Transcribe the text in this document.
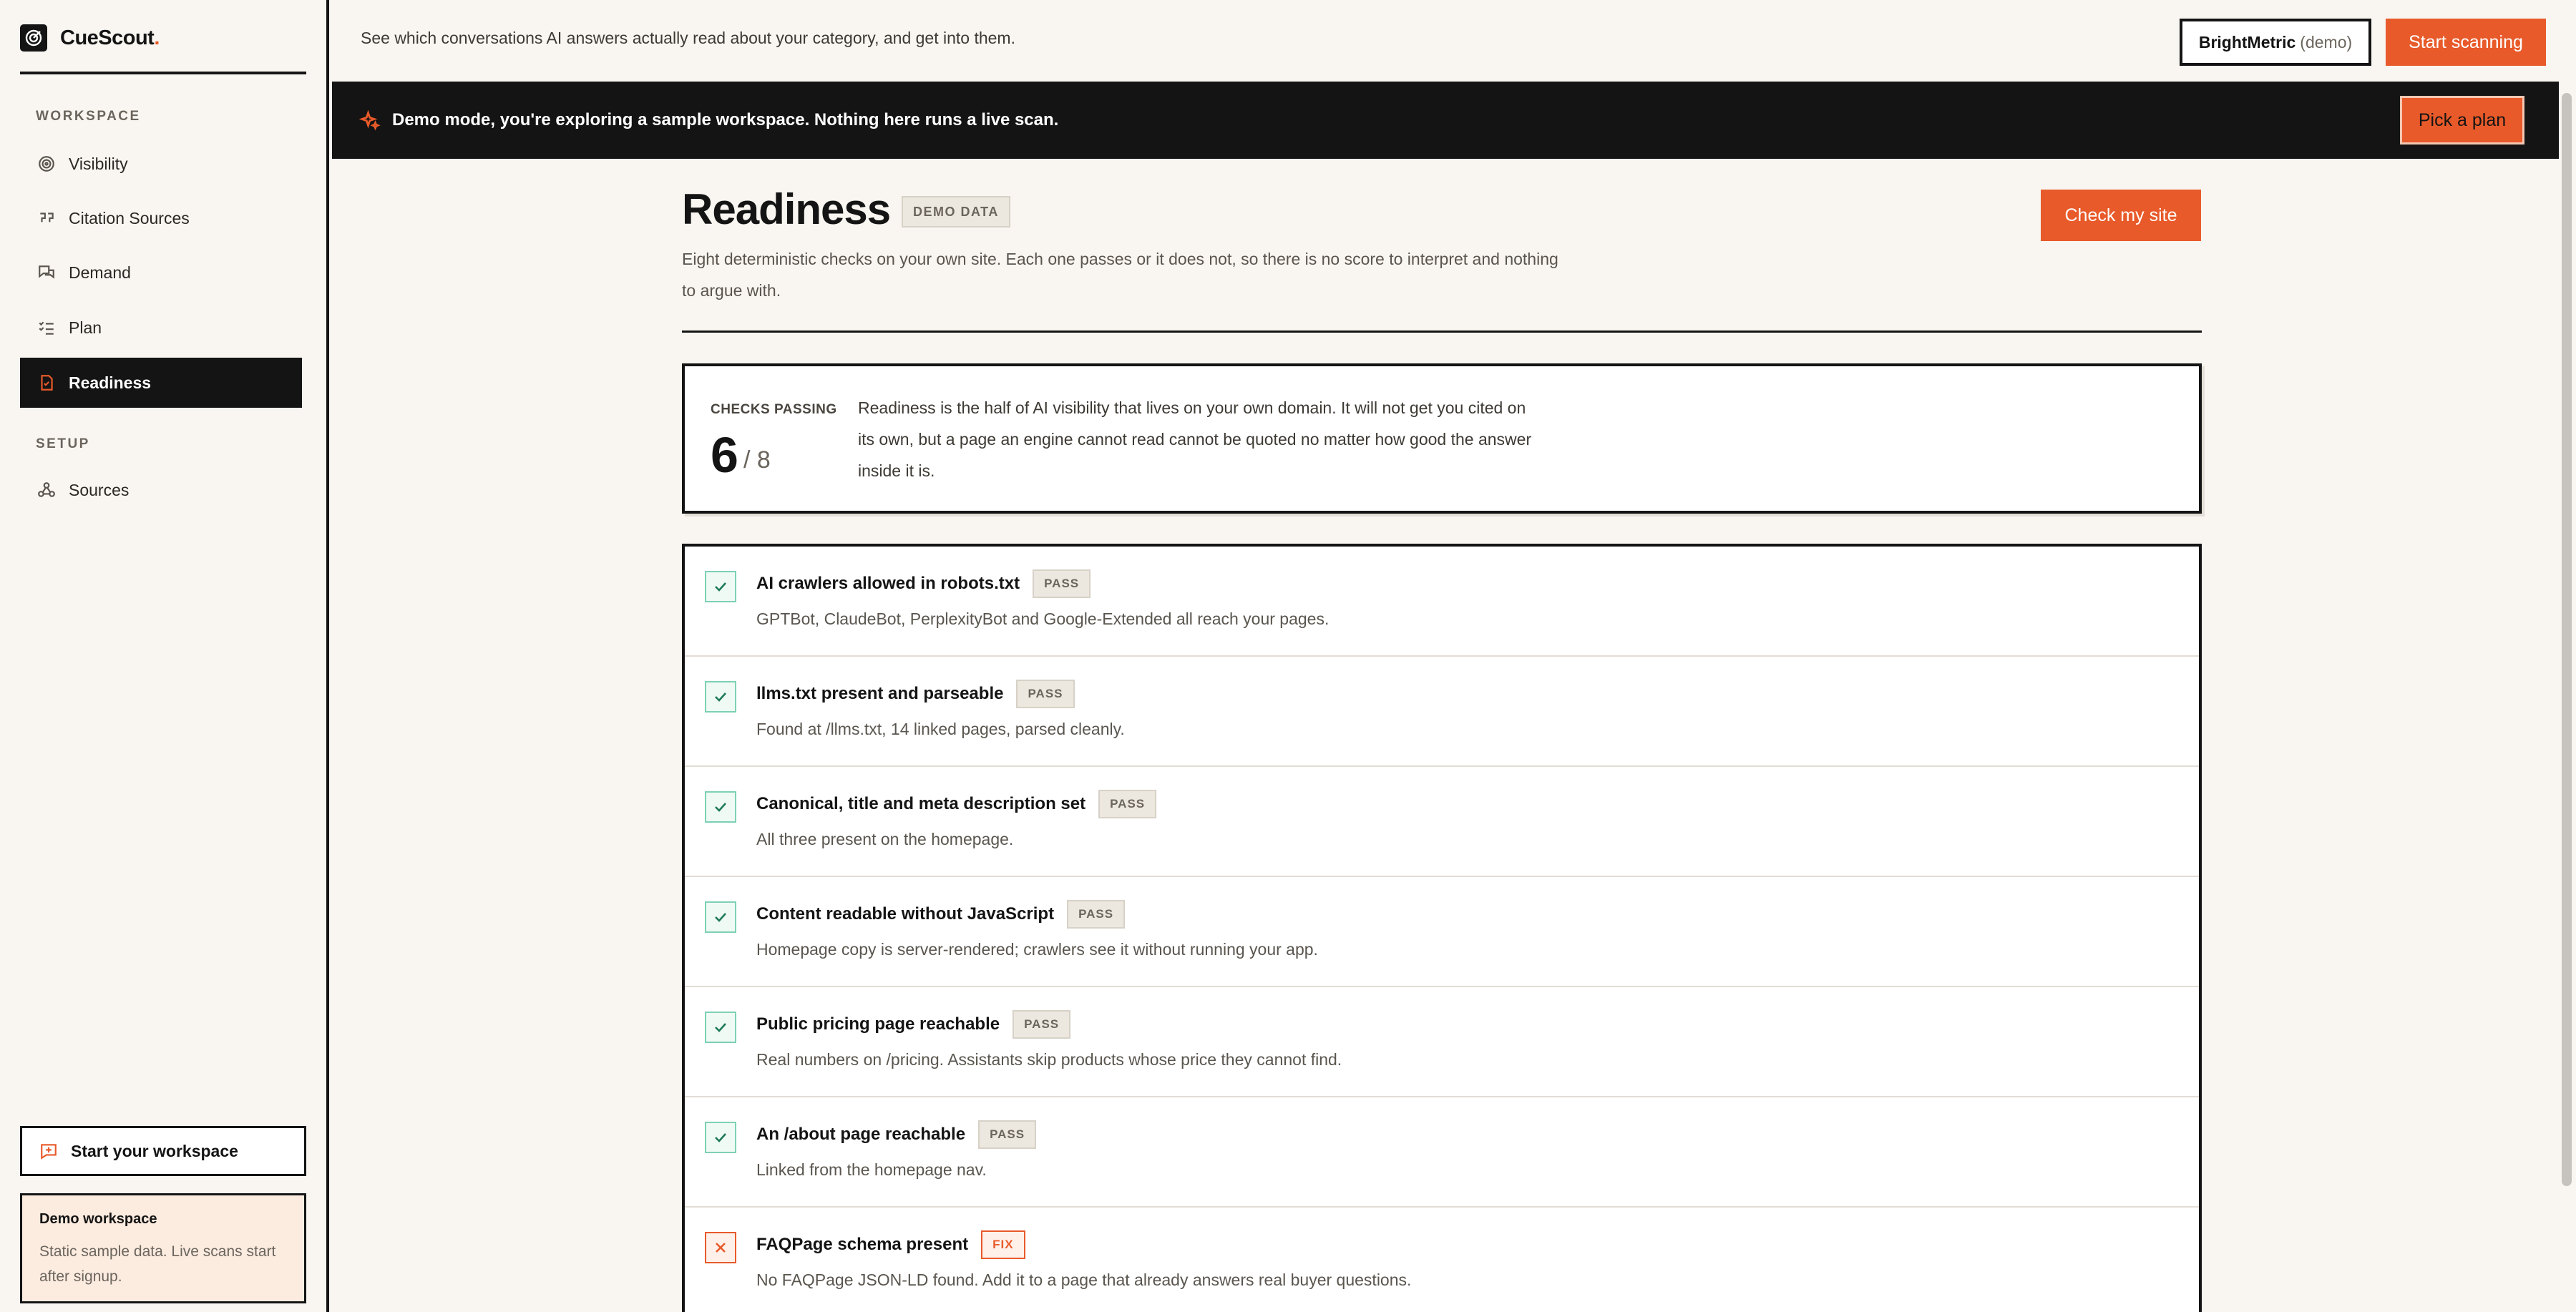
CueScout.
WORKSPACE
Visibility
Citation Sources
Demand
Plan
Readiness
SETUP
Sources
Start your workspace
Demo workspace
Static sample data. Live scans start after signup.
See which conversations AI answers actually read about your category, and get into them.	BrightMetric (demo)	Start scanning
Demo mode, you're exploring a sample workspace. Nothing here runs a live scan.	Pick a plan
Readiness	DEMO DATA	Check my site

Eight deterministic checks on your own site. Each one passes or it does not, so there is no score to interpret and nothing to argue with.

CHECKS PASSING
6 / 8

Readiness is the half of AI visibility that lives on your own domain. It will not get you cited on its own, but a page an engine cannot read cannot be quoted no matter how good the answer inside it is.

AI crawlers allowed in robots.txt	PASS
GPTBot, ClaudeBot, PerplexityBot and Google-Extended all reach your pages.
llms.txt present and parseable	PASS
Found at /llms.txt, 14 linked pages, parsed cleanly.
Canonical, title and meta description set	PASS
All three present on the homepage.
Content readable without JavaScript	PASS
Homepage copy is server-rendered; crawlers see it without running your app.
Public pricing page reachable	PASS
Real numbers on /pricing. Assistants skip products whose price they cannot find.
An /about page reachable	PASS
Linked from the homepage nav.
FAQPage schema present	FIX
No FAQPage JSON-LD found. Add it to a page that already answers real buyer questions.
